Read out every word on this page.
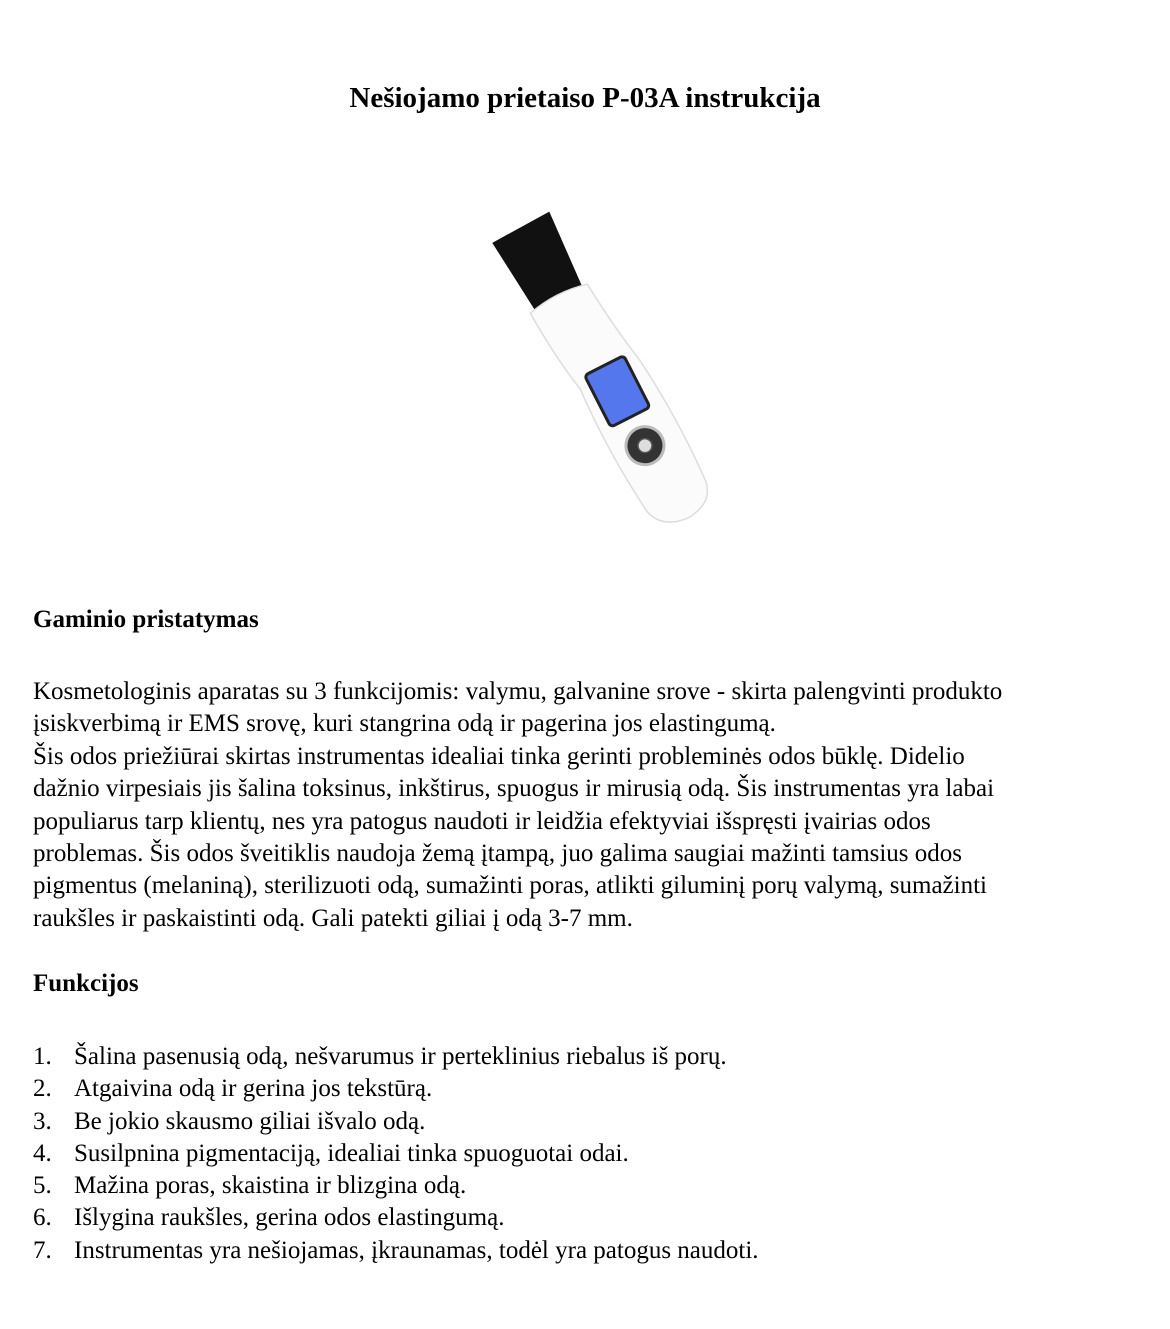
Nešiojamo prietaiso P-03A instrukcija
Gaminio pristatymas
Kosmetologinis aparatas su 3 funkcijomis: valymu, galvanine srove - skirta palengvinti produkto
įsiskverbimą ir EMS srovę, kuri stangrina odą ir pagerina jos elastingumą.
Šis odos priežiūrai skirtas instrumentas idealiai tinka gerinti probleminės odos būklę. Didelio
dažnio virpesiais jis šalina toksinus, inkštirus, spuogus ir mirusią odą. Šis instrumentas yra labai
populiarus tarp klientų, nes yra patogus naudoti ir leidžia efektyviai išspręsti įvairias odos
problemas. Šis odos šveitiklis naudoja žemą įtampą, juo galima saugiai mažinti tamsius odos
pigmentus (melaniną), sterilizuoti odą, sumažinti poras, atlikti giluminį porų valymą, sumažinti
raukšles ir paskaistinti odą. Gali patekti giliai į odą 3-7 mm.
Funkcijos
1. Šalina pasenusią odą, nešvarumus ir perteklinius riebalus iš porų.
2. Atgaivina odą ir gerina jos tekstūrą.
3. Be jokio skausmo giliai išvalo odą.
4. Susilpnina pigmentaciją, idealiai tinka spuoguotai odai.
5. Mažina poras, skaistina ir blizgina odą.
6. Išlygina raukšles, gerina odos elastingumą.
7. Instrumentas yra nešiojamas, įkraunamas, todėl yra patogus naudoti.
